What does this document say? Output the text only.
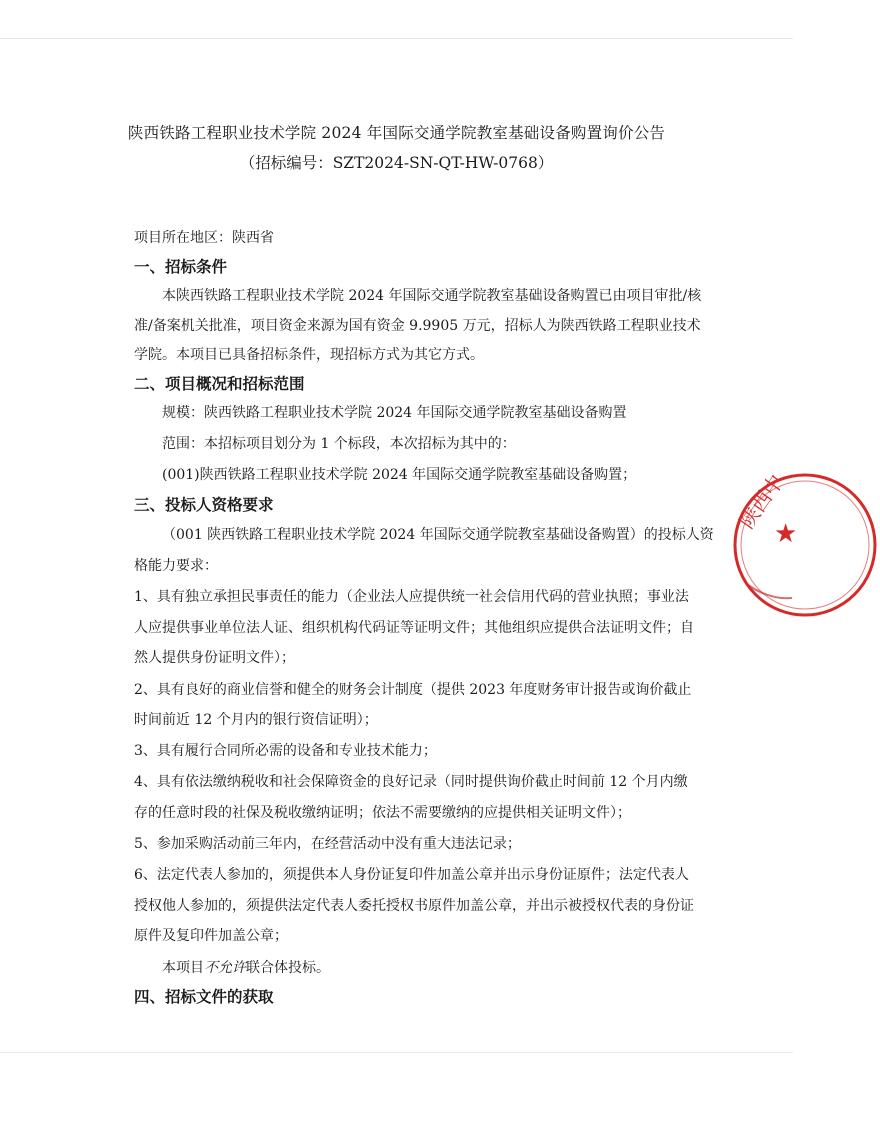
陕西铁路工程职业技术学院 2024 年国际交通学院教室基础设备购置询价公告
（招标编号：SZT2024-SN-QT-HW-0768）
项目所在地区：陕西省
一、招标条件
本陕西铁路工程职业技术学院 2024 年国际交通学院教室基础设备购置已由项目审批/核
准/备案机关批准，项目资金来源为国有资金 9.9905 万元，招标人为陕西铁路工程职业技术
学院。本项目已具备招标条件，现招标方式为其它方式。
二、项目概况和招标范围
规模：陕西铁路工程职业技术学院 2024 年国际交通学院教室基础设备购置
范围：本招标项目划分为 1 个标段，本次招标为其中的：
(001)陕西铁路工程职业技术学院 2024 年国际交通学院教室基础设备购置；
三、投标人资格要求
（001 陕西铁路工程职业技术学院 2024 年国际交通学院教室基础设备购置）的投标人资
格能力要求：
1、具有独立承担民事责任的能力（企业法人应提供统一社会信用代码的营业执照；事业法
人应提供事业单位法人证、组织机构代码证等证明文件；其他组织应提供合法证明文件；自
然人提供身份证明文件）；
2、具有良好的商业信誉和健全的财务会计制度（提供 2023 年度财务审计报告或询价截止
时间前近 12 个月内的银行资信证明）；
3、具有履行合同所必需的设备和专业技术能力；
4、具有依法缴纳税收和社会保障资金的良好记录（同时提供询价截止时间前 12 个月内缴
存的任意时段的社保及税收缴纳证明；依法不需要缴纳的应提供相关证明文件）；
5、参加采购活动前三年内，在经营活动中没有重大违法记录；
6、法定代表人参加的，须提供本人身份证复印件加盖公章并出示身份证原件；法定代表人
授权他人参加的，须提供法定代表人委托授权书原件加盖公章，并出示被授权代表的身份证
原件及复印件加盖公章；
本项目不允许联合体投标。
四、招标文件的获取
陕西中
★
